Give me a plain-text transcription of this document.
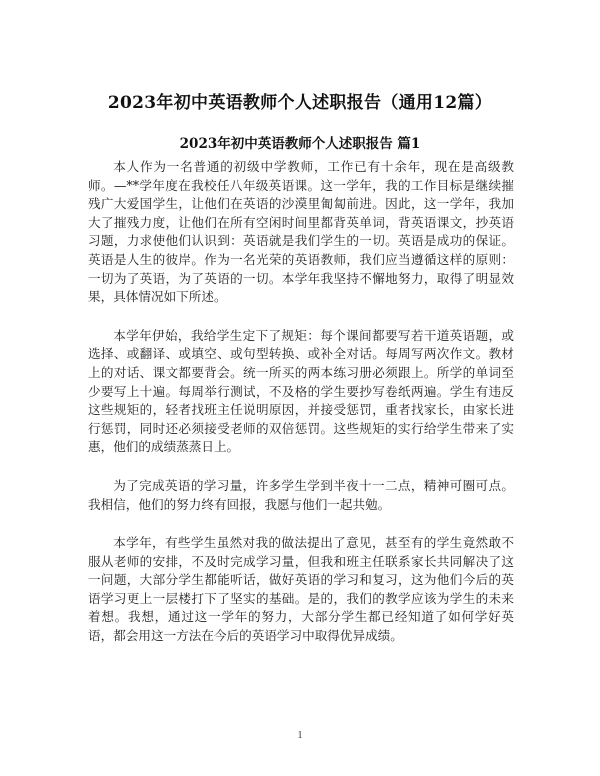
2023年初中英语教师个人述职报告（通用12篇）
2023年初中英语教师个人述职报告 篇1

本人作为一名普通的初级中学教师，工作已有十余年，现在是高级教师。—**学年度在我校任八年级英语课。这一学年，我的工作目标是继续摧残广大爱国学生，让他们在英语的沙漠里匍匐前进。因此，这一学年，我加大了摧残力度，让他们在所有空闲时间里都背英单词，背英语课文，抄英语习题，力求使他们认识到：英语就是我们学生的一切。英语是成功的保证。英语是人生的彼岸。作为一名光荣的英语教师，我们应当遵循这样的原则：一切为了英语，为了英语的一切。本学年我坚持不懈地努力，取得了明显效果，具体情况如下所述。

本学年伊始，我给学生定下了规矩：每个课间都要写若干道英语题，或选择、或翻译、或填空、或句型转换、或补全对话。每周写两次作文。教材上的对话、课文都要背会。统一所买的两本练习册必须跟上。所学的单词至少要写上十遍。每周举行测试，不及格的学生要抄写卷纸两遍。学生有违反这些规矩的，轻者找班主任说明原因，并接受惩罚，重者找家长，由家长进行惩罚，同时还必须接受老师的双倍惩罚。这些规矩的实行给学生带来了实惠，他们的成绩蒸蒸日上。

为了完成英语的学习量，许多学生学到半夜十一二点，精神可圈可点。我相信，他们的努力终有回报，我愿与他们一起共勉。

本学年，有些学生虽然对我的做法提出了意见，甚至有的学生竟然敢不服从老师的安排，不及时完成学习量，但我和班主任联系家长共同解决了这一问题，大部分学生都能听话，做好英语的学习和复习，这为他们今后的英语学习更上一层楼打下了坚实的基础。是的，我们的教学应该为学生的未来着想。我想，通过这一学年的努力，大部分学生都已经知道了如何学好英语，都会用这一方法在今后的英语学习中取得优异成绩。

1
